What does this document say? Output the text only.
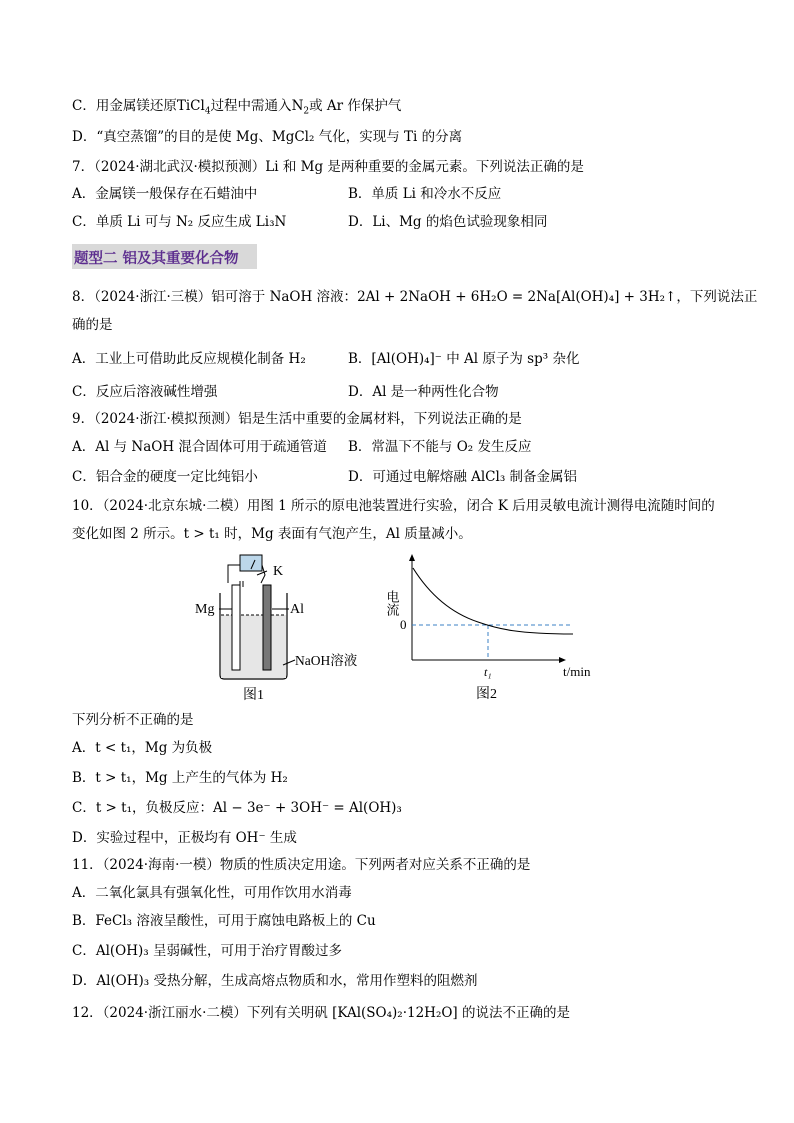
C．用金属镁还原TiCl$_4$过程中需通入$N_2$或 Ar 作保护气
D．“真空蒸馏”的目的是使 Mg、MgCl₂ 气化，实现与 Ti 的分离
7．（2024·湖北武汉·模拟预测）Li 和 Mg 是两种重要的金属元素。下列说法正确的是
A．金属镁一般保存在石蜡油中	B．单质 Li 和冷水不反应
C．单质 Li 可与 N₂ 反应生成 Li₃N	D．Li、Mg 的焰色试验现象相同
题型二 铝及其重要化合物
8．（2024·浙江·三模）铝可溶于 NaOH 溶液：2Al + 2NaOH + 6H₂O = 2Na[Al(OH)₄] + 3H₂↑，下列说法正
确的是
A．工业上可借助此反应规模化制备 H₂	B．[Al(OH)₄]⁻ 中 Al 原子为 sp³ 杂化
C．反应后溶液碱性增强	D．Al 是一种两性化合物
9．（2024·浙江·模拟预测）铝是生活中重要的金属材料，下列说法正确的是
A．Al 与 NaOH 混合固体可用于疏通管道 B．常温下不能与 O₂ 发生反应
C．铝合金的硬度一定比纯铝小	D．可通过电解熔融 AlCl₃ 制备金属铝
10．（2024·北京东城·二模）用图 1 所示的原电池装置进行实验，闭合 K 后用灵敏电流计测得电流随时间的
变化如图 2 所示。t > t₁ 时，Mg 表面有气泡产生，Al 质量减小。
K
Mg	Al
NaOH溶液
图1
电流
0
t₁	t/min
图2
下列分析不正确的是
A．t < t₁，Mg 为负极
B．t > t₁，Mg 上产生的气体为 H₂
C．t > t₁，负极反应：Al − 3e⁻ + 3OH⁻ = Al(OH)₃
D．实验过程中，正极均有 OH⁻ 生成
11．（2024·海南·一模）物质的性质决定用途。下列两者对应关系不正确的是
A．二氧化氯具有强氧化性，可用作饮用水消毒
B．FeCl₃ 溶液呈酸性，可用于腐蚀电路板上的 Cu
C．Al(OH)₃ 呈弱碱性，可用于治疗胃酸过多
D．Al(OH)₃ 受热分解，生成高熔点物质和水，常用作塑料的阻燃剂
12．（2024·浙江丽水·二模）下列有关明矾 [KAl(SO₄)₂·12H₂O] 的说法不正确的是
